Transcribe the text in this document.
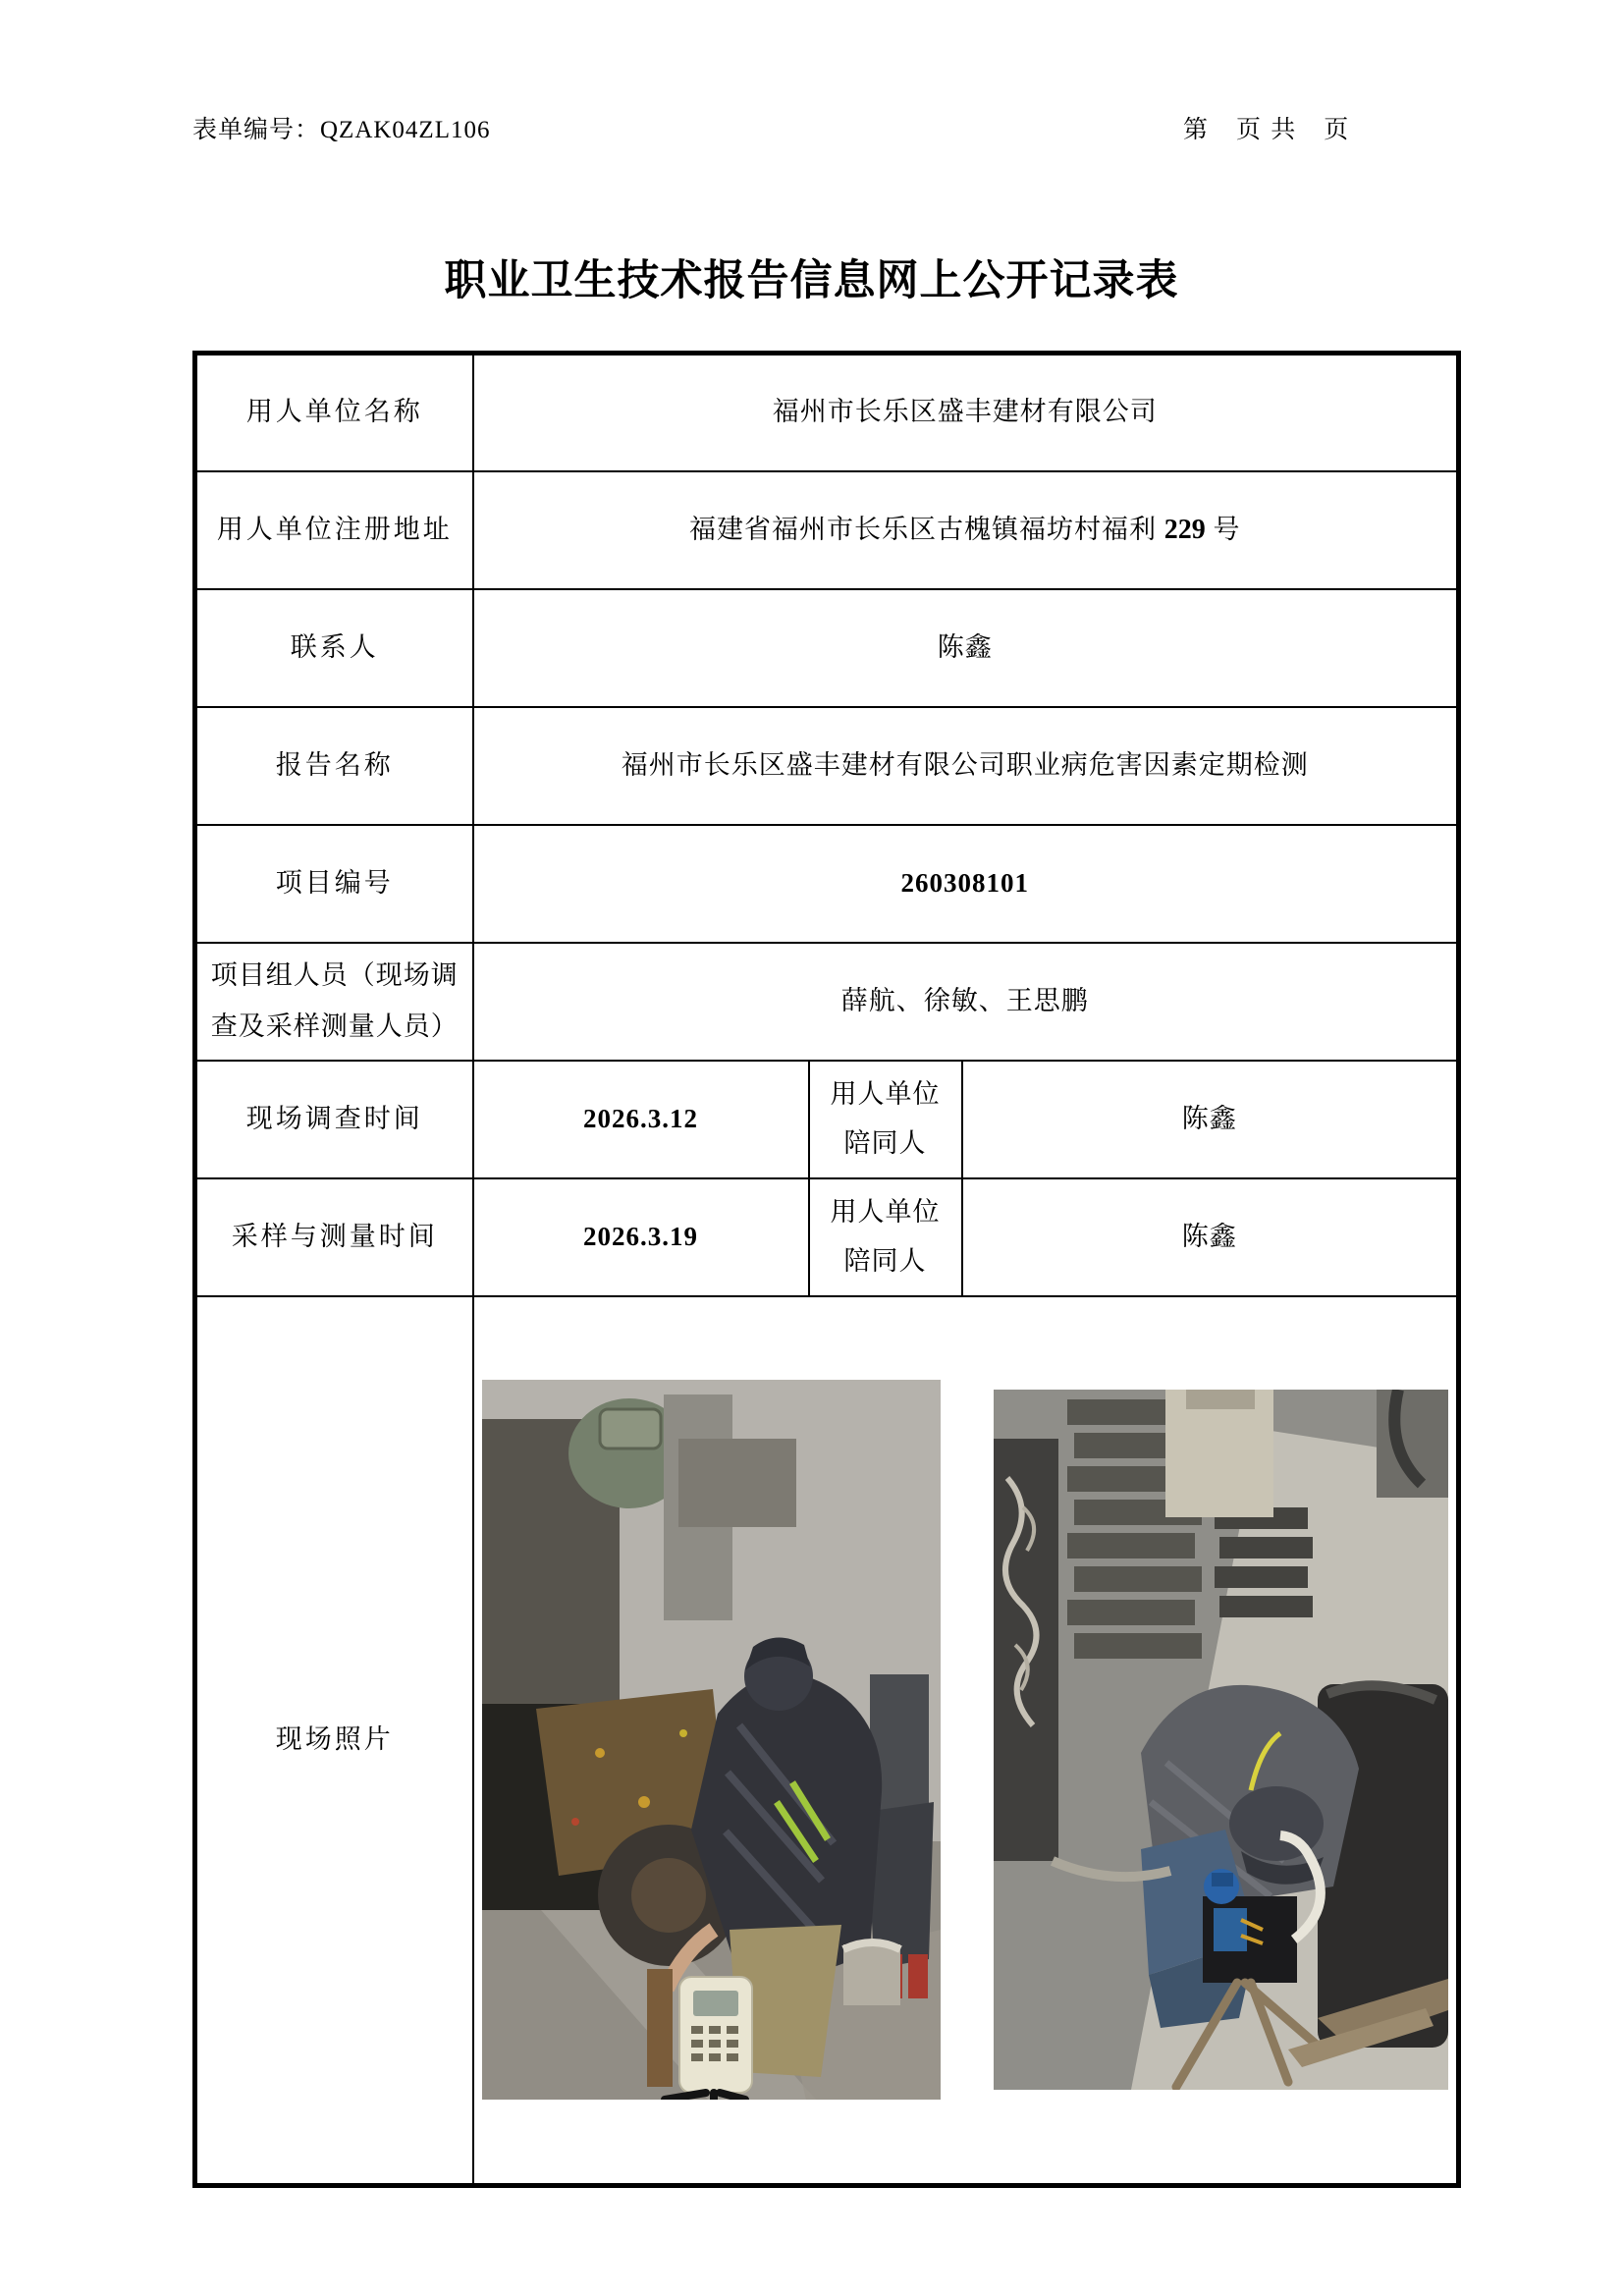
表单编号：QZAK04ZL106	第　页 共　页
职业卫生技术报告信息网上公开记录表
用人单位名称	福州市长乐区盛丰建材有限公司		
用人单位注册地址	福建省福州市长乐区古槐镇福坊村福利 229 号		
联系人	陈鑫		
报告名称	福州市长乐区盛丰建材有限公司职业病危害因素定期检测		
项目编号	260308101		
项目组人员（现场调查及采样测量人员）	薛航、徐敏、王思鹏		
现场调查时间	2026.3.12	用人单位陪同人	陈鑫
采样与测量时间	2026.3.19	用人单位陪同人	陈鑫
现场照片	
